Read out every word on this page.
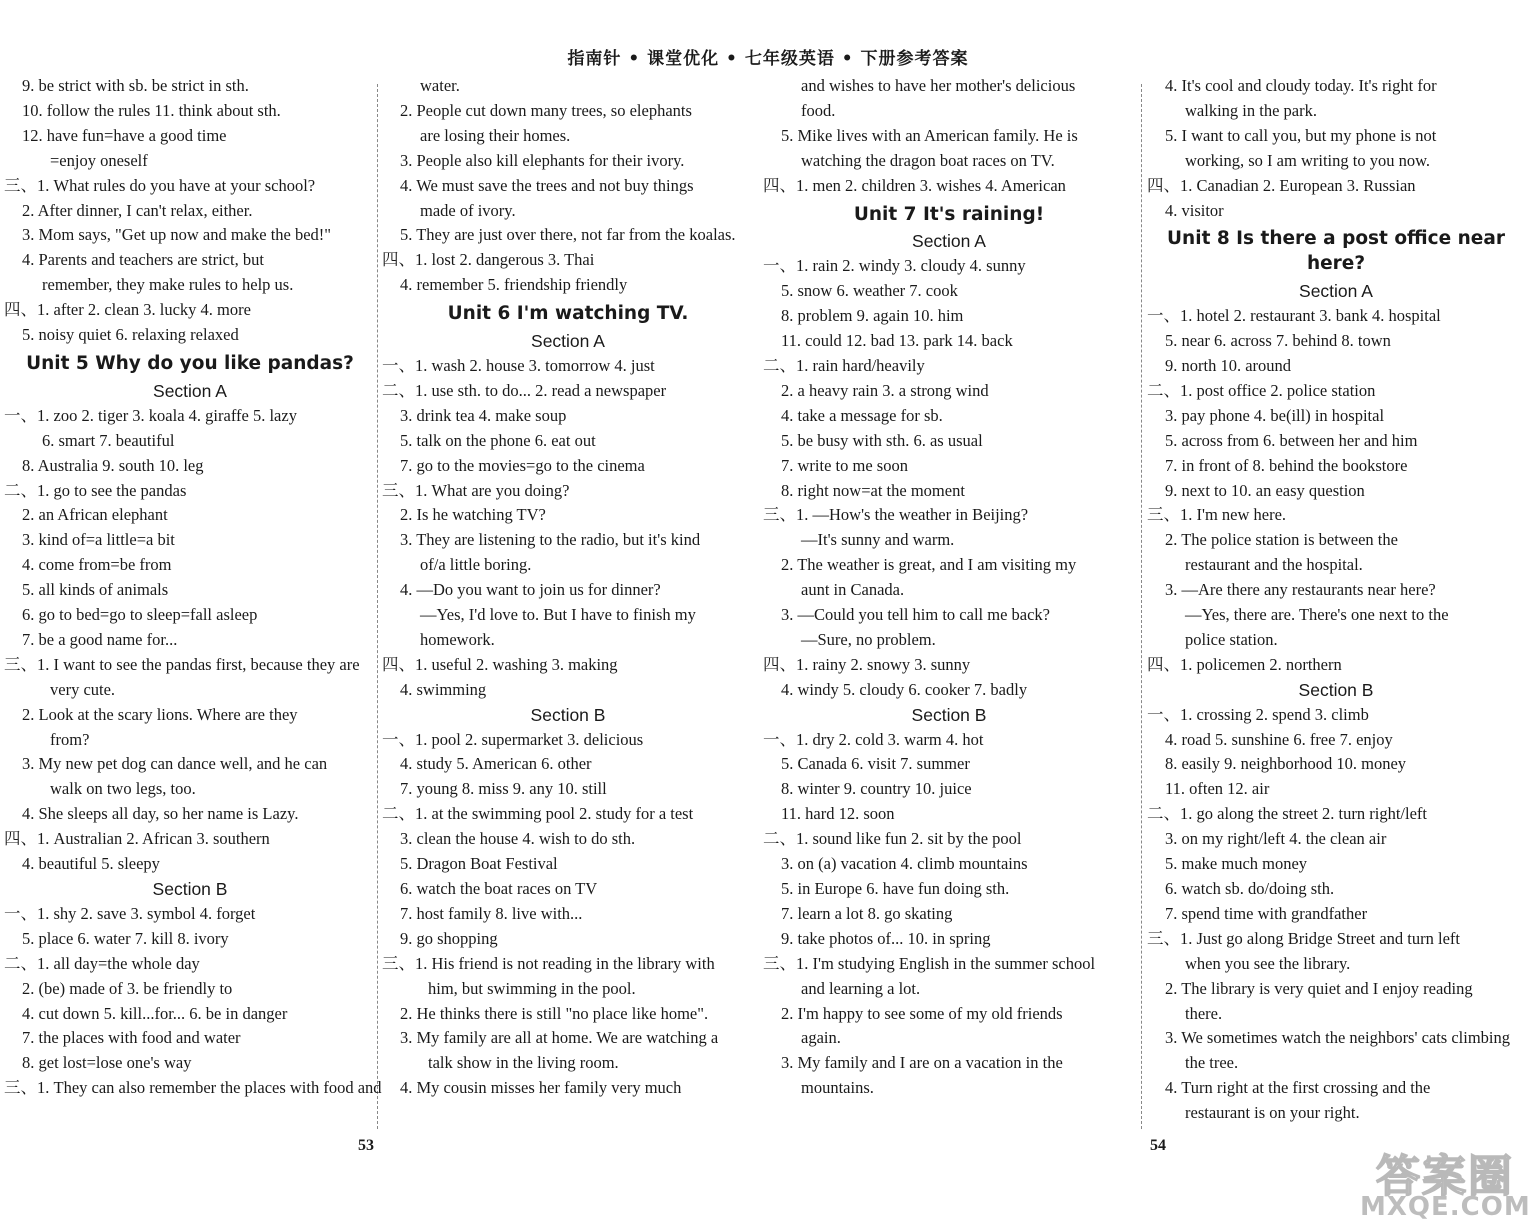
指南针 • 课堂优化 • 七年级英语 • 下册参考答案
9. be strict with sb. be strict in sth.
10. follow the rules 11. think about sth.
12. have fun=have a good time
=enjoy oneself
三、1. What rules do you have at your school?
2. After dinner, I can't relax, either.
3. Mom says, "Get up now and make the bed!"
4. Parents and teachers are strict, but
remember, they make rules to help us.
四、1. after 2. clean 3. lucky 4. more
5. noisy quiet 6. relaxing relaxed
Unit 5 Why do you like pandas?
Section A
一、1. zoo 2. tiger 3. koala 4. giraffe 5. lazy
6. smart 7. beautiful
8. Australia 9. south 10. leg
二、1. go to see the pandas
2. an African elephant
3. kind of=a little=a bit
4. come from=be from
5. all kinds of animals
6. go to bed=go to sleep=fall asleep
7. be a good name for...
三、1. I want to see the pandas first, because they are
very cute.
2. Look at the scary lions. Where are they
from?
3. My new pet dog can dance well, and he can
walk on two legs, too.
4. She sleeps all day, so her name is Lazy.
四、1. Australian 2. African 3. southern
4. beautiful 5. sleepy
Section B
一、1. shy 2. save 3. symbol 4. forget
5. place 6. water 7. kill 8. ivory
二、1. all day=the whole day
2. (be) made of 3. be friendly to
4. cut down 5. kill...for... 6. be in danger
7. the places with food and water
8. get lost=lose one's way
三、1. They can also remember the places with food and
water.
2. People cut down many trees, so elephants
are losing their homes.
3. People also kill elephants for their ivory.
4. We must save the trees and not buy things
made of ivory.
5. They are just over there, not far from the koalas.
四、1. lost 2. dangerous 3. Thai
4. remember 5. friendship friendly
Unit 6 I'm watching TV.
Section A
一、1. wash 2. house 3. tomorrow 4. just
二、1. use sth. to do... 2. read a newspaper
3. drink tea 4. make soup
5. talk on the phone 6. eat out
7. go to the movies=go to the cinema
三、1. What are you doing?
2. Is he watching TV?
3. They are listening to the radio, but it's kind
of/a little boring.
4. —Do you want to join us for dinner?
—Yes, I'd love to. But I have to finish my
homework.
四、1. useful 2. washing 3. making
4. swimming
Section B
一、1. pool 2. supermarket 3. delicious
4. study 5. American 6. other
7. young 8. miss 9. any 10. still
二、1. at the swimming pool 2. study for a test
3. clean the house 4. wish to do sth.
5. Dragon Boat Festival
6. watch the boat races on TV
7. host family 8. live with...
9. go shopping
三、1. His friend is not reading in the library with
him, but swimming in the pool.
2. He thinks there is still "no place like home".
3. My family are all at home. We are watching a
talk show in the living room.
4. My cousin misses her family very much
and wishes to have her mother's delicious
food.
5. Mike lives with an American family. He is
watching the dragon boat races on TV.
四、1. men 2. children 3. wishes 4. American
Unit 7 It's raining!
Section A
一、1. rain 2. windy 3. cloudy 4. sunny
5. snow 6. weather 7. cook
8. problem 9. again 10. him
11. could 12. bad 13. park 14. back
二、1. rain hard/heavily
2. a heavy rain 3. a strong wind
4. take a message for sb.
5. be busy with sth. 6. as usual
7. write to me soon
8. right now=at the moment
三、1. —How's the weather in Beijing?
—It's sunny and warm.
2. The weather is great, and I am visiting my
aunt in Canada.
3. —Could you tell him to call me back?
—Sure, no problem.
四、1. rainy 2. snowy 3. sunny
4. windy 5. cloudy 6. cooker 7. badly
Section B
一、1. dry 2. cold 3. warm 4. hot
5. Canada 6. visit 7. summer
8. winter 9. country 10. juice
11. hard 12. soon
二、1. sound like fun 2. sit by the pool
3. on (a) vacation 4. climb mountains
5. in Europe 6. have fun doing sth.
7. learn a lot 8. go skating
9. take photos of... 10. in spring
三、1. I'm studying English in the summer school
and learning a lot.
2. I'm happy to see some of my old friends
again.
3. My family and I are on a vacation in the
mountains.
4. It's cool and cloudy today. It's right for
walking in the park.
5. I want to call you, but my phone is not
working, so I am writing to you now.
四、1. Canadian 2. European 3. Russian
4. visitor
Unit 8 Is there a post office near here?
Section A
一、1. hotel 2. restaurant 3. bank 4. hospital
5. near 6. across 7. behind 8. town
9. north 10. around
二、1. post office 2. police station
3. pay phone 4. be(ill) in hospital
5. across from 6. between her and him
7. in front of 8. behind the bookstore
9. next to 10. an easy question
三、1. I'm new here.
2. The police station is between the
restaurant and the hospital.
3. —Are there any restaurants near here?
—Yes, there are. There's one next to the
police station.
四、1. policemen 2. northern
Section B
一、1. crossing 2. spend 3. climb
4. road 5. sunshine 6. free 7. enjoy
8. easily 9. neighborhood 10. money
11. often 12. air
二、1. go along the street 2. turn right/left
3. on my right/left 4. the clean air
5. make much money
6. watch sb. do/doing sth.
7. spend time with grandfather
三、1. Just go along Bridge Street and turn left
when you see the library.
2. The library is very quiet and I enjoy reading
there.
3. We sometimes watch the neighbors' cats climbing
the tree.
4. Turn right at the first crossing and the
restaurant is on your right.
53	54
答案圈
MXQE.COM
